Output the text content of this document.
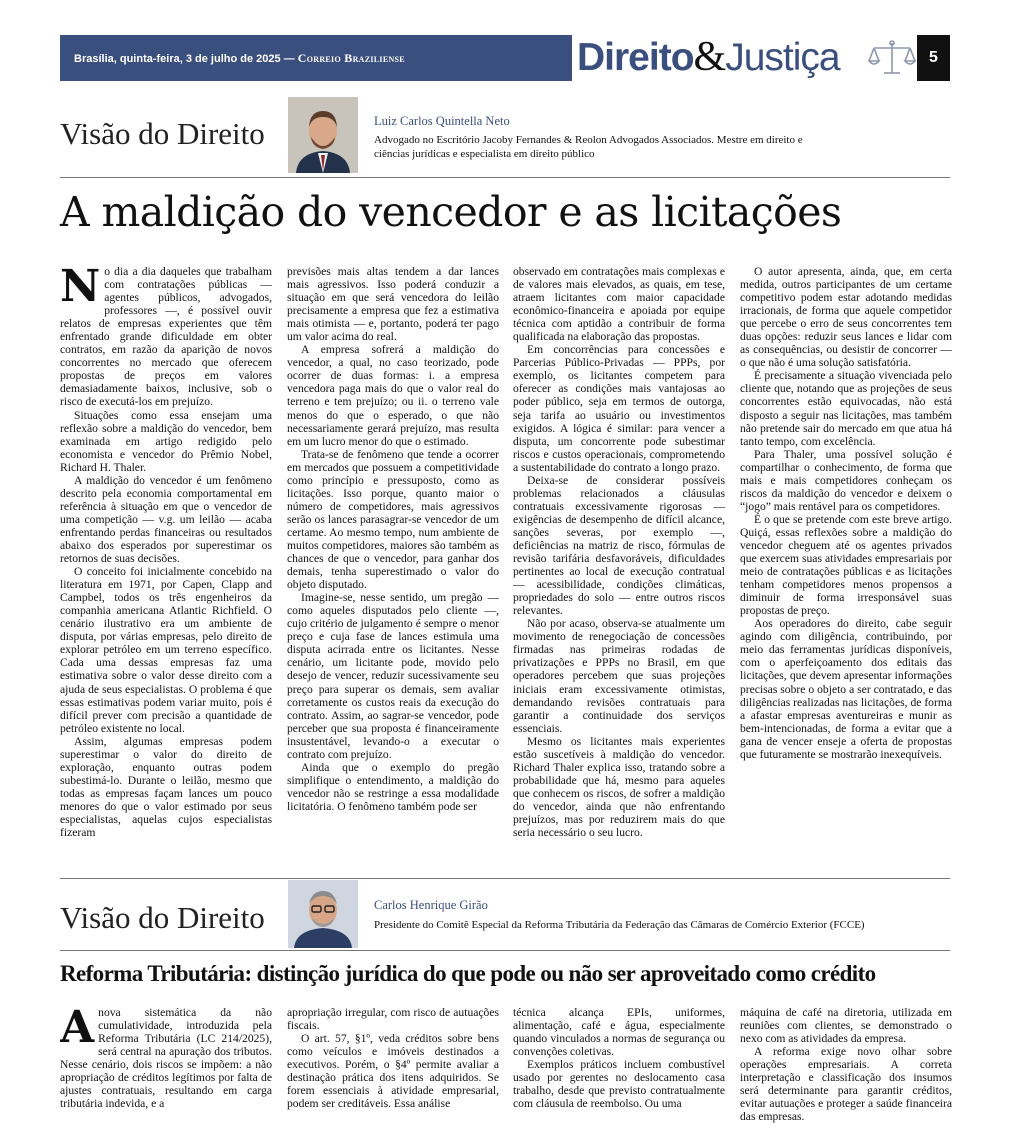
Brasília, quinta-feira, 3 de julho de 2025 — Correio Braziliense	Direito&Justiça	5
Visão do Direito	Luiz Carlos Quintella Neto
Advogado no Escritório Jacoby Fernandes & Reolon Advogados Associados. Mestre em direito e ciências jurídicas e especialista em direito público
A maldição do vencedor e as licitações
N o dia a dia daqueles que trabalham com contratações públicas — agentes públicos, advogados, professores —, é possível ouvir relatos de empresas experientes que têm enfrentado grande dificuldade em obter contratos, em razão da aparição de novos concorrentes no mercado que oferecem propostas de preços em valores demasiadamente baixos, inclusive, sob o risco de executá-los em prejuízo.

Situações como essa ensejam uma reflexão sobre a maldição do vencedor, bem examinada em artigo redigido pelo economista e vencedor do Prêmio Nobel, Richard H. Thaler.

A maldição do vencedor é um fenômeno descrito pela economia comportamental em referência à situação em que o vencedor de uma competição — v.g. um leilão — acaba enfrentando perdas financeiras ou resultados abaixo dos esperados por superestimar os retornos de suas decisões.

O conceito foi inicialmente concebido na literatura em 1971, por Capen, Clapp and Campbel, todos os três engenheiros da companhia americana Atlantic Richfield. O cenário ilustrativo era um ambiente de disputa, por várias empresas, pelo direito de explorar petróleo em um terreno específico. Cada uma dessas empresas faz uma estimativa sobre o valor desse direito com a ajuda de seus especialistas. O problema é que essas estimativas podem variar muito, pois é difícil prever com precisão a quantidade de petróleo existente no local.

Assim, algumas empresas podem superestimar o valor do direito de exploração, enquanto outras podem subestimá-lo. Durante o leilão, mesmo que todas as empresas façam lances um pouco menores do que o valor estimado por seus especialistas, aquelas cujos especialistas fizeram

previsões mais altas tendem a dar lances mais agressivos. Isso poderá conduzir a situação em que será vencedora do leilão precisamente a empresa que fez a estimativa mais otimista — e, portanto, poderá ter pago um valor acima do real.

A empresa sofrerá a maldição do vencedor, a qual, no caso teorizado, pode ocorrer de duas formas: i. a empresa vencedora paga mais do que o valor real do terreno e tem prejuízo; ou ii. o terreno vale menos do que o esperado, o que não necessariamente gerará prejuízo, mas resulta em um lucro menor do que o estimado.

Trata-se de fenômeno que tende a ocorrer em mercados que possuem a competitividade como princípio e pressuposto, como as licitações. Isso porque, quanto maior o número de competidores, mais agressivos serão os lances parasagrar-se vencedor de um certame. Ao mesmo tempo, num ambiente de muitos competidores, maiores são também as chances de que o vencedor, para ganhar dos demais, tenha superestimado o valor do objeto disputado.

Imagine-se, nesse sentido, um pregão — como aqueles disputados pelo cliente —, cujo critério de julgamento é sempre o menor preço e cuja fase de lances estimula uma disputa acirrada entre os licitantes. Nesse cenário, um licitante pode, movido pelo desejo de vencer, reduzir sucessivamente seu preço para superar os demais, sem avaliar corretamente os custos reais da execução do contrato. Assim, ao sagrar-se vencedor, pode perceber que sua proposta é financeiramente insustentável, levando-o a executar o contrato com prejuízo.

Ainda que o exemplo do pregão simplifique o entendimento, a maldição do vencedor não se restringe a essa modalidade licitatória. O fenômeno também pode ser

observado em contratações mais complexas e de valores mais elevados, as quais, em tese, atraem licitantes com maior capacidade econômico-financeira e apoiada por equipe técnica com aptidão a contribuir de forma qualificada na elaboração das propostas.

Em concorrências para concessões e Parcerias Público-Privadas — PPPs, por exemplo, os licitantes competem para oferecer as condições mais vantajosas ao poder público, seja em termos de outorga, seja tarifa ao usuário ou investimentos exigidos. A lógica é similar: para vencer a disputa, um concorrente pode subestimar riscos e custos operacionais, comprometendo a sustentabilidade do contrato a longo prazo.

Deixa-se de considerar possíveis problemas relacionados a cláusulas contratuais excessivamente rigorosas — exigências de desempenho de difícil alcance, sanções severas, por exemplo —, deficiências na matriz de risco, fórmulas de revisão tarifária desfavoráveis, dificuldades pertinentes ao local de execução contratual — acessibilidade, condições climáticas, propriedades do solo — entre outros riscos relevantes.

Não por acaso, observa-se atualmente um movimento de renegociação de concessões firmadas nas primeiras rodadas de privatizações e PPPs no Brasil, em que operadores percebem que suas projeções iniciais eram excessivamente otimistas, demandando revisões contratuais para garantir a continuidade dos serviços essenciais.

Mesmo os licitantes mais experientes estão suscetíveis à maldição do vencedor. Richard Thaler explica isso, tratando sobre a probabilidade que há, mesmo para aqueles que conhecem os riscos, de sofrer a maldição do vencedor, ainda que não enfrentando prejuízos, mas por reduzirem mais do que seria necessário o seu lucro.

O autor apresenta, ainda, que, em certa medida, outros participantes de um certame competitivo podem estar adotando medidas irracionais, de forma que aquele competidor que percebe o erro de seus concorrentes tem duas opções: reduzir seus lances e lidar com as consequências, ou desistir de concorrer — o que não é uma solução satisfatória.

É precisamente a situação vivenciada pelo cliente que, notando que as projeções de seus concorrentes estão equivocadas, não está disposto a seguir nas licitações, mas também não pretende sair do mercado em que atua há tanto tempo, com excelência.

Para Thaler, uma possível solução é compartilhar o conhecimento, de forma que mais e mais competidores conheçam os riscos da maldição do vencedor e deixem o “jogo” mais rentável para os competidores.

É o que se pretende com este breve artigo. Quiçá, essas reflexões sobre a maldição do vencedor cheguem até os agentes privados que exercem suas atividades empresariais por meio de contratações públicas e as licitações tenham competidores menos propensos a diminuir de forma irresponsável suas propostas de preço.

Aos operadores do direito, cabe seguir agindo com diligência, contribuindo, por meio das ferramentas jurídicas disponíveis, com o aperfeiçoamento dos editais das licitações, que devem apresentar informações precisas sobre o objeto a ser contratado, e das diligências realizadas nas licitações, de forma a afastar empresas aventureiras e munir as bem-intencionadas, de forma a evitar que a gana de vencer enseje a oferta de propostas que futuramente se mostrarão inexequíveis.

Visão do Direito	Carlos Henrique Girão
Presidente do Comitê Especial da Reforma Tributária da Federação das Câmaras de Comércio Exterior (FCCE)
Reforma Tributária: distinção jurídica do que pode ou não ser aproveitado como crédito
A nova sistemática da não cumulatividade, introduzida pela Reforma Tributária (LC 214/2025), será central na apuração dos tributos. Nesse cenário, dois riscos se impõem: a não apropriação de créditos legítimos por falta de ajustes contratuais, resultando em carga tributária indevida, e a

apropriação irregular, com risco de autuações fiscais.

O art. 57, §1º, veda créditos sobre bens como veículos e imóveis destinados a executivos. Porém, o §4º permite avaliar a destinação prática dos itens adquiridos. Se forem essenciais à atividade empresarial, podem ser creditáveis. Essa análise

técnica alcança EPIs, uniformes, alimentação, café e água, especialmente quando vinculados a normas de segurança ou convenções coletivas.

Exemplos práticos incluem combustível usado por gerentes no deslocamento casa trabalho, desde que previsto contratualmente com cláusula de reembolso. Ou uma

máquina de café na diretoria, utilizada em reuniões com clientes, se demonstrado o nexo com as atividades da empresa.

A reforma exige novo olhar sobre operações empresariais. A correta interpretação e classificação dos insumos será determinante para garantir créditos, evitar autuações e proteger a saúde financeira das empresas.
